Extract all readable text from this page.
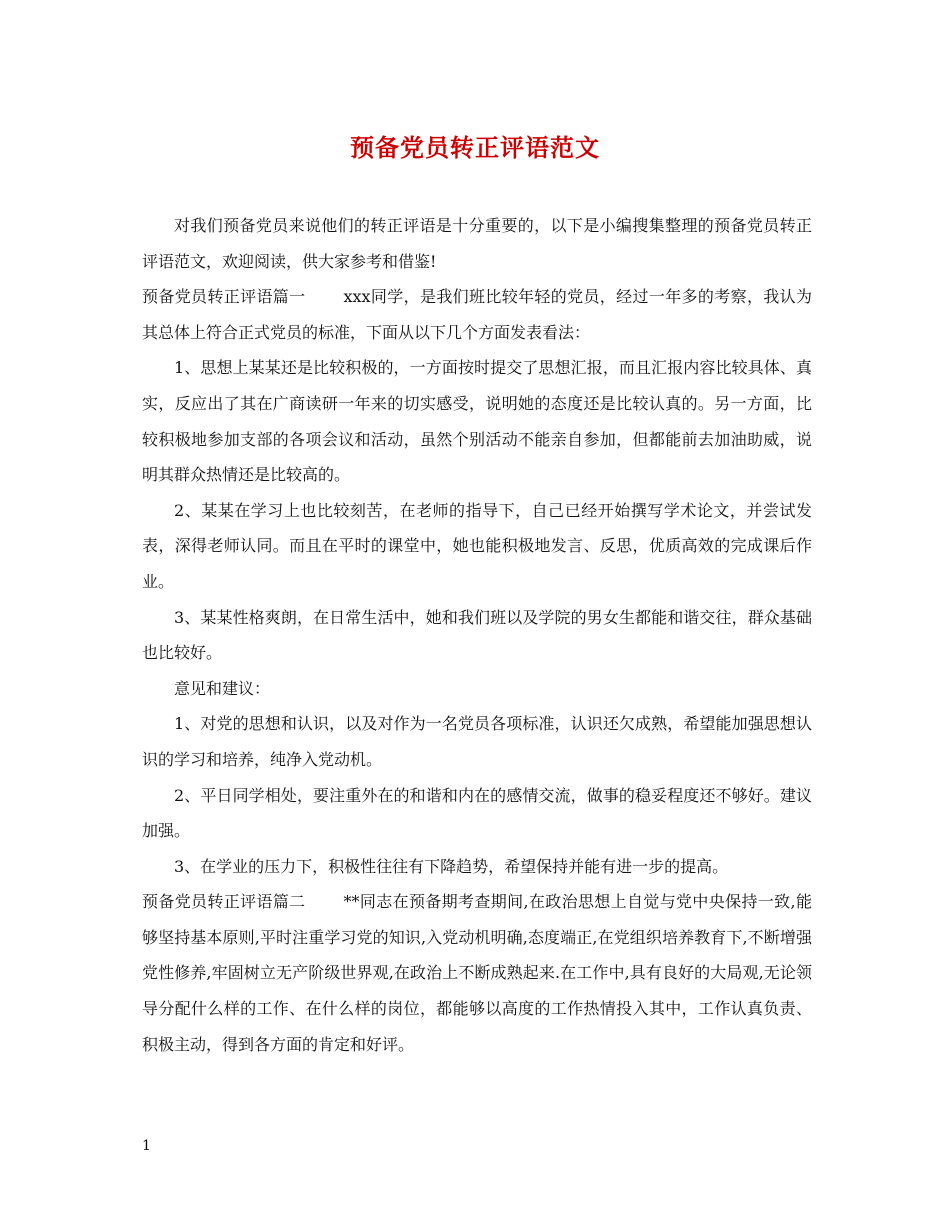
预备党员转正评语范文

对我们预备党员来说他们的转正评语是十分重要的，以下是小编搜集整理的预备党员转正评语范文，欢迎阅读，供大家参考和借鉴!

预备党员转正评语篇一 xxx同学，是我们班比较年轻的党员，经过一年多的考察，我认为其总体上符合正式党员的标准，下面从以下几个方面发表看法：

1、思想上某某还是比较积极的，一方面按时提交了思想汇报，而且汇报内容比较具体、真实，反应出了其在广商读研一年来的切实感受，说明她的态度还是比较认真的。另一方面，比较积极地参加支部的各项会议和活动，虽然个别活动不能亲自参加，但都能前去加油助威，说明其群众热情还是比较高的。

2、某某在学习上也比较刻苦，在老师的指导下，自己已经开始撰写学术论文，并尝试发表，深得老师认同。而且在平时的课堂中，她也能积极地发言、反思，优质高效的完成课后作业。

3、某某性格爽朗，在日常生活中，她和我们班以及学院的男女生都能和谐交往，群众基础也比较好。

意见和建议：

1、对党的思想和认识，以及对作为一名党员各项标准，认识还欠成熟，希望能加强思想认识的学习和培养，纯净入党动机。

2、平日同学相处，要注重外在的和谐和内在的感情交流，做事的稳妥程度还不够好。建议加强。

3、在学业的压力下，积极性往往有下降趋势，希望保持并能有进一步的提高。

预备党员转正评语篇二 **同志在预备期考查期间,在政治思想上自觉与党中央保持一致,能够坚持基本原则,平时注重学习党的知识,入党动机明确,态度端正,在党组织培养教育下,不断增强党性修养,牢固树立无产阶级世界观,在政治上不断成熟起来.在工作中,具有良好的大局观,无论领导分配什么样的工作、在什么样的岗位，都能够以高度的工作热情投入其中，工作认真负责、积极主动，得到各方面的肯定和好评。

1
